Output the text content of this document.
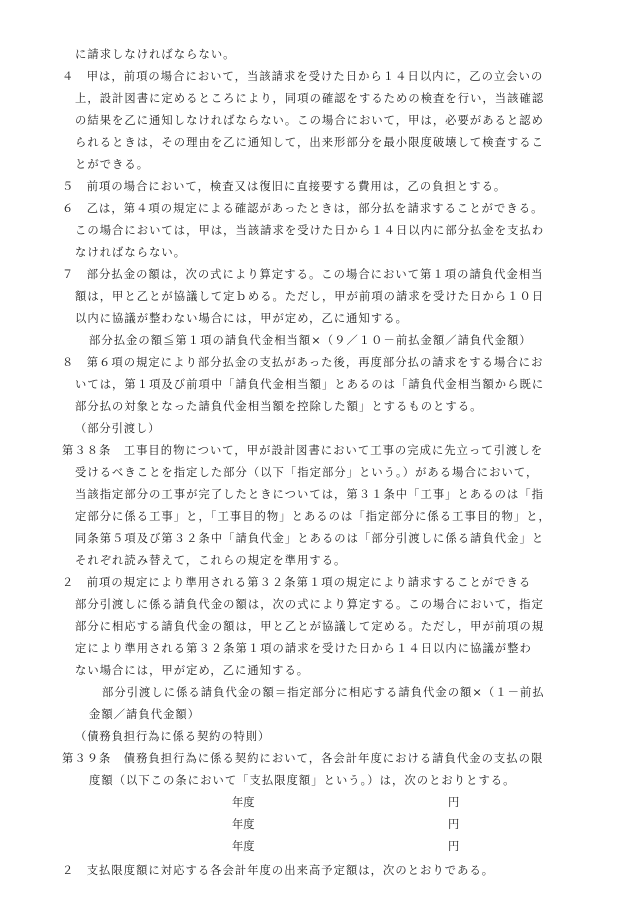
に請求しなければならない。
４　甲は，前項の場合において，当該請求を受けた日から１４日以内に，乙の立会いの
上，設計図書に定めるところにより，同項の確認をするための検査を行い，当該確認
の結果を乙に通知しなければならない。この場合において，甲は，必要があると認め
られるときは，その理由を乙に通知して，出来形部分を最小限度破壊して検査するこ
とができる。
５　前項の場合において，検査又は復旧に直接要する費用は，乙の負担とする。
６　乙は，第４項の規定による確認があったときは，部分払を請求することができる。
この場合においては，甲は，当該請求を受けた日から１４日以内に部分払金を支払わ
なければならない。
７　部分払金の額は，次の式により算定する。この場合において第１項の請負代金相当
額は，甲と乙とが協議して定ｂめる。ただし，甲が前項の請求を受けた日から１０日
以内に協議が整わない場合には，甲が定め，乙に通知する。
部分払金の額≦第１項の請負代金相当額×（９／１０－前払金額／請負代金額）
８　第６項の規定により部分払金の支払があった後，再度部分払の請求をする場合にお
いては，第１項及び前項中「請負代金相当額」とあるのは「請負代金相当額から既に
部分払の対象となった請負代金相当額を控除した額」とするものとする。
（部分引渡し）
第３８条　工事目的物について，甲が設計図書において工事の完成に先立って引渡しを
受けるべきことを指定した部分（以下「指定部分」という。）がある場合において，
当該指定部分の工事が完了したときについては，第３１条中「工事」とあるのは「指
定部分に係る工事」と，「工事目的物」とあるのは「指定部分に係る工事目的物」と，
同条第５項及び第３２条中「請負代金」とあるのは「部分引渡しに係る請負代金」と
それぞれ読み替えて，これらの規定を準用する。
２　前項の規定により準用される第３２条第１項の規定により請求することができる
部分引渡しに係る請負代金の額は，次の式により算定する。この場合において，指定
部分に相応する請負代金の額は，甲と乙とが協議して定める。ただし，甲が前項の規
定により準用される第３２条第１項の請求を受けた日から１４日以内に協議が整わ
ない場合には，甲が定め，乙に通知する。
部分引渡しに係る請負代金の額＝指定部分に相応する請負代金の額×（１－前払
金額／請負代金額）
（債務負担行為に係る契約の特則）
第３９条　債務負担行為に係る契約において，各会計年度における請負代金の支払の限
度額（以下この条において「支払限度額」という。）は，次のとおりとする。
年度	円
年度	円
年度	円
２　支払限度額に対応する各会計年度の出来高予定額は，次のとおりである。
